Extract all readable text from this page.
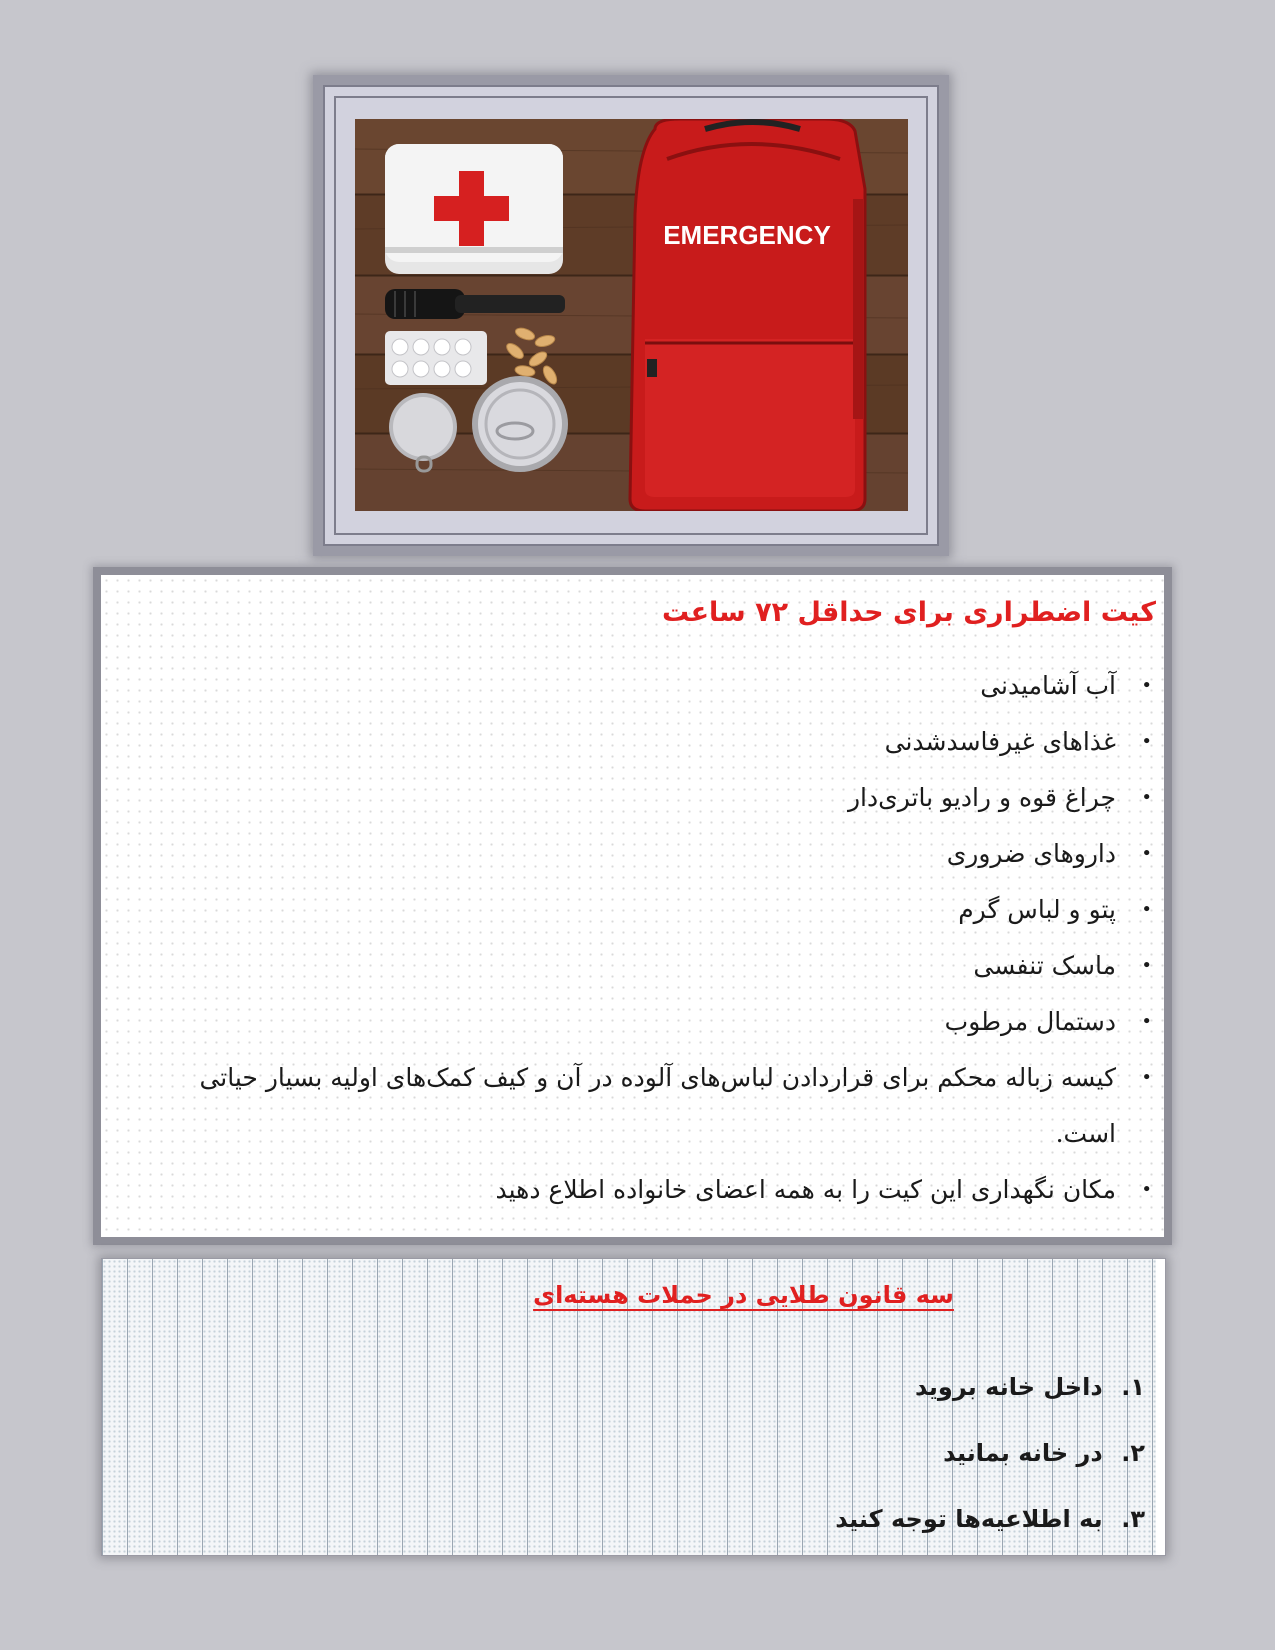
EMERGENCY
کیت اضطراری برای حداقل ۷۲ ساعت
•
آب آشامیدنی
•
غذاهای غیرفاسدشدنی
•
چراغ قوه و رادیو باتری‌دار
•
داروهای ضروری
•
پتو و لباس گرم
•
ماسک تنفسی
•
دستمال مرطوب
•
کیسه زباله محکم برای قراردادن لباس‌های آلوده در آن و کیف کمک‌های اولیه بسیار حیاتی است.
•
مکان نگهداری این کیت را به همه اعضای خانواده اطلاع دهید
سه قانون طلایی در حملات هسته‌ای
۱. داخل خانه بروید
۲. در خانه بمانید
۳. به اطلاعیه‌ها توجه کنید
